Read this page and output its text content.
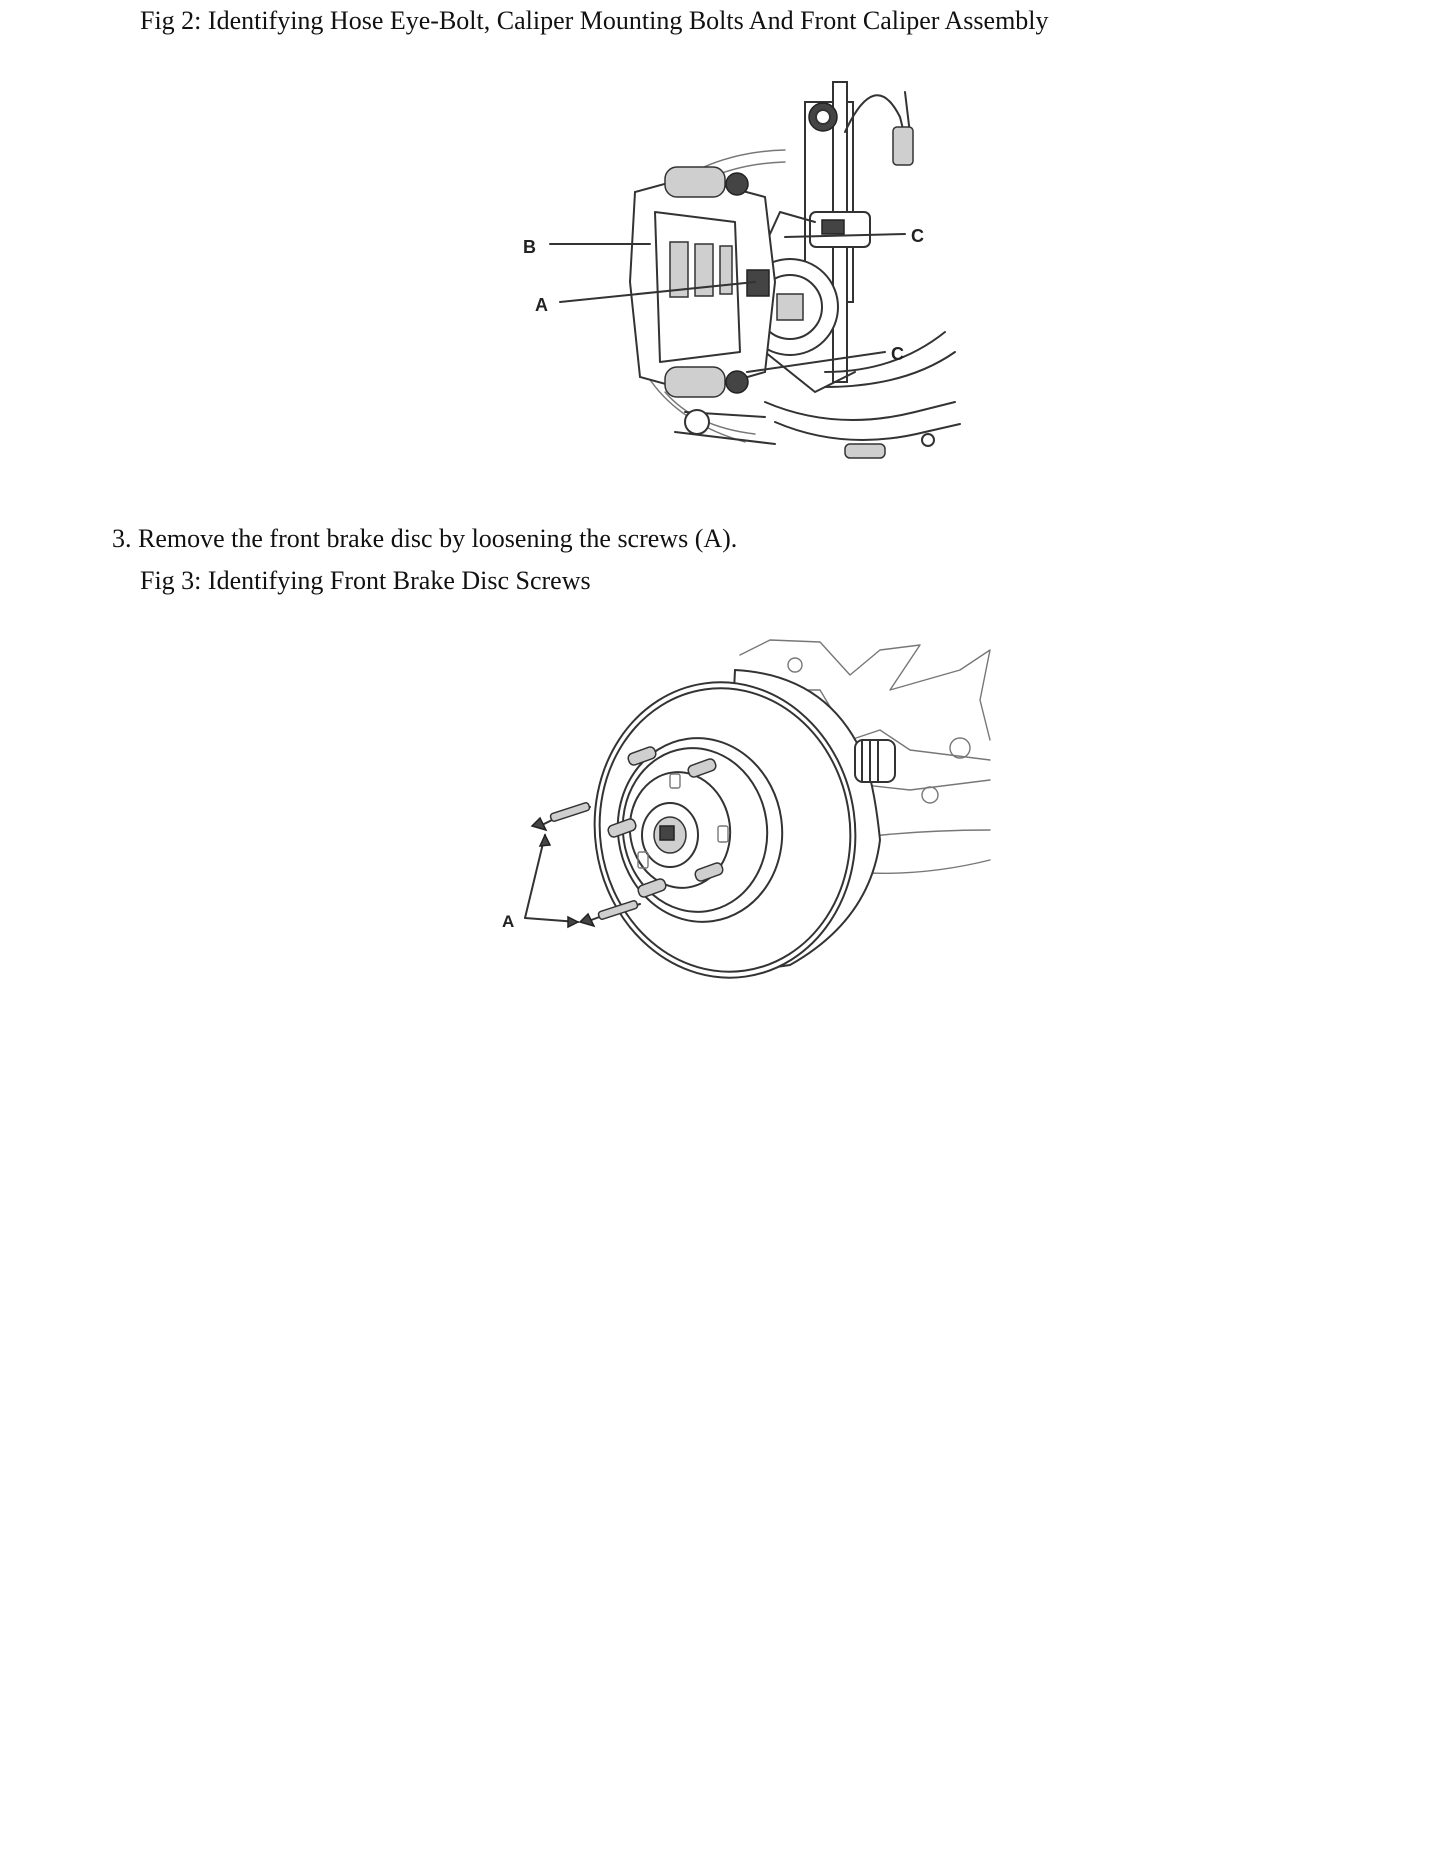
Fig 2: Identifying Hose Eye-Bolt, Caliper Mounting Bolts And Front Caliper Assembly
B
A
C
C
3. Remove the front brake disc by loosening the screws (A).
Fig 3: Identifying Front Brake Disc Screws
A
